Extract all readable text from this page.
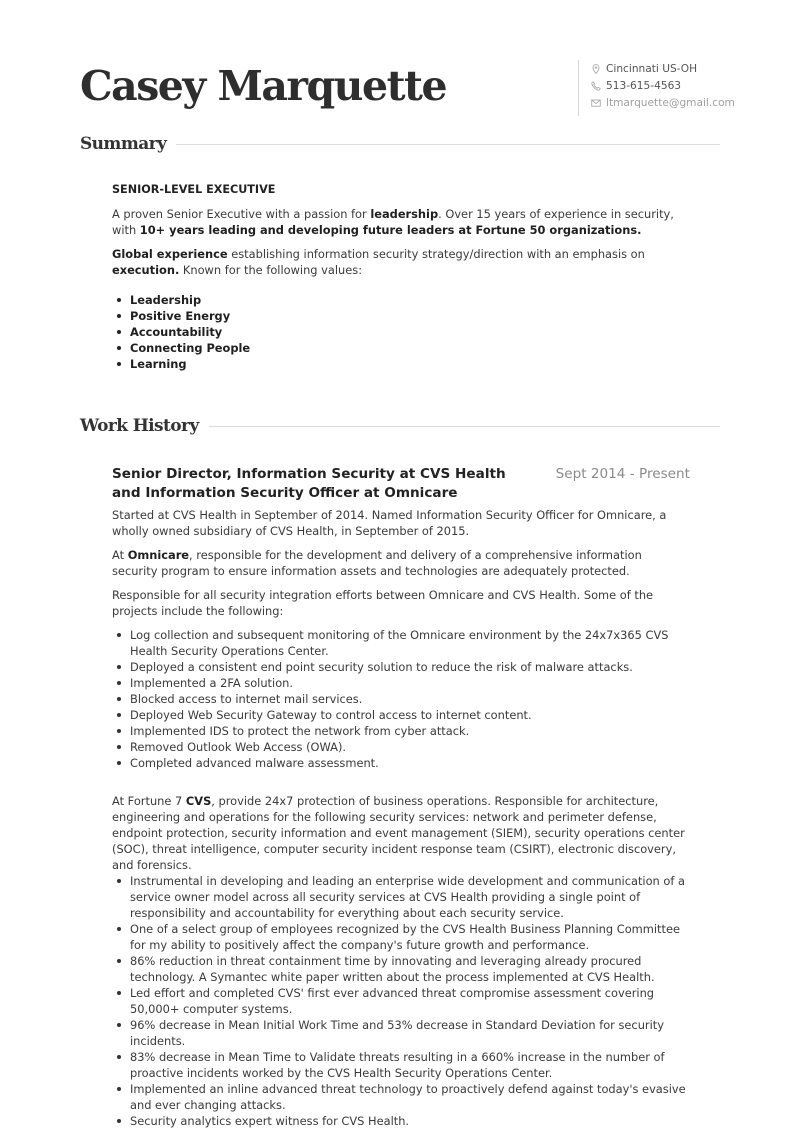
Casey Marquette	Cincinnati US-OH
513-615-4563
ltmarquette@gmail.com
Summary
SENIOR-LEVEL EXECUTIVE

A proven Senior Executive with a passion for leadership. Over 15 years of experience in security, with 10+ years leading and developing future leaders at Fortune 50 organizations.

Global experience establishing information security strategy/direction with an emphasis on execution. Known for the following values:

Leadership
Positive Energy
Accountability
Connecting People
Learning
Work History
Senior Director, Information Security at CVS Health and Information Security Officer at Omnicare
Sept 2014 - Present

Started at CVS Health in September of 2014. Named Information Security Officer for Omnicare, a wholly owned subsidiary of CVS Health, in September of 2015.

At Omnicare, responsible for the development and delivery of a comprehensive information security program to ensure information assets and technologies are adequately protected.

Responsible for all security integration efforts between Omnicare and CVS Health. Some of the projects include the following:

Log collection and subsequent monitoring of the Omnicare environment by the 24x7x365 CVS Health Security Operations Center.
Deployed a consistent end point security solution to reduce the risk of malware attacks.
Implemented a 2FA solution.
Blocked access to internet mail services.
Deployed Web Security Gateway to control access to internet content.
Implemented IDS to protect the network from cyber attack.
Removed Outlook Web Access (OWA).
Completed advanced malware assessment.

At Fortune 7 CVS, provide 24x7 protection of business operations. Responsible for architecture, engineering and operations for the following security services: network and perimeter defense, endpoint protection, security information and event management (SIEM), security operations center (SOC), threat intelligence, computer security incident response team (CSIRT), electronic discovery, and forensics.

Instrumental in developing and leading an enterprise wide development and communication of a service owner model across all security services at CVS Health providing a single point of responsibility and accountability for everything about each security service.
One of a select group of employees recognized by the CVS Health Business Planning Committee for my ability to positively affect the company's future growth and performance.
86% reduction in threat containment time by innovating and leveraging already procured technology. A Symantec white paper written about the process implemented at CVS Health.
Led effort and completed CVS' first ever advanced threat compromise assessment covering 50,000+ computer systems.
96% decrease in Mean Initial Work Time and 53% decrease in Standard Deviation for security incidents.
83% decrease in Mean Time to Validate threats resulting in a 660% increase in the number of proactive incidents worked by the CVS Health Security Operations Center.
Implemented an inline advanced threat technology to proactively defend against today's evasive and ever changing attacks.
Security analytics expert witness for CVS Health.
